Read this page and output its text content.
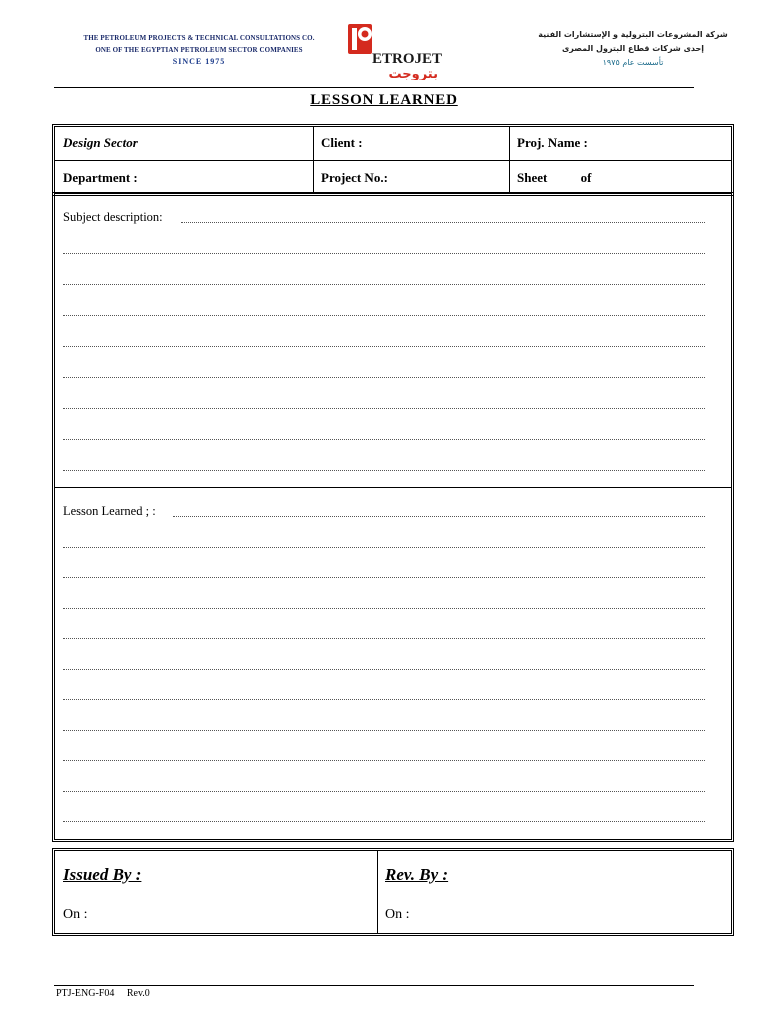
THE PETROLEUM PROJECTS & TECHNICAL CONSULTATIONS CO.
ONE OF THE EGYPTIAN PETROLEUM SECTOR COMPANIES
SINCE 1975	ETROJET
بتروجت
شركة المشروعات البترولية و الإستشارات الفنية
إحدى شركات قطاع البترول المصرى
تأسست عام ١٩٧٥
LESSON LEARNED
Design Sector	Client :	Proj. Name :
Department :	Project No.:	Sheet	of
Subject description:
Lesson Learned ; :
Issued By :	Rev. By :
On :	On :
PTJ-ENG-F04 Rev.0
